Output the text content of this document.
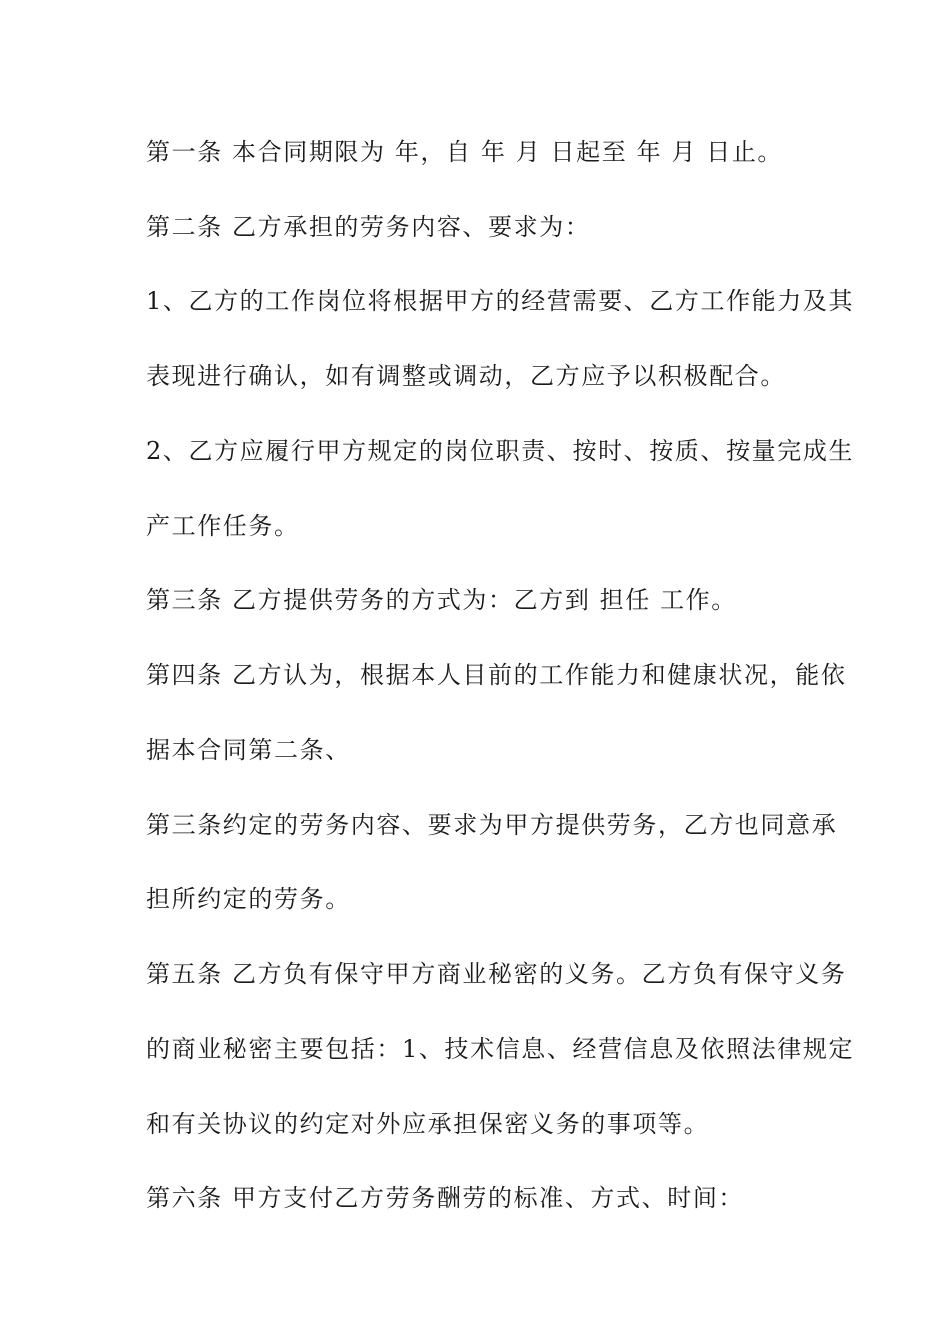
第一条 本合同期限为 年，自 年 月 日起至 年 月 日止。

第二条 乙方承担的劳务内容、要求为：

1、乙方的工作岗位将根据甲方的经营需要、乙方工作能力及其

表现进行确认，如有调整或调动，乙方应予以积极配合。

2、乙方应履行甲方规定的岗位职责、按时、按质、按量完成生

产工作任务。

第三条 乙方提供劳务的方式为：乙方到 担任 工作。

第四条 乙方认为，根据本人目前的工作能力和健康状况，能依

据本合同第二条、

第三条约定的劳务内容、要求为甲方提供劳务，乙方也同意承

担所约定的劳务。

第五条 乙方负有保守甲方商业秘密的义务。乙方负有保守义务

的商业秘密主要包括：1、技术信息、经营信息及依照法律规定

和有关协议的约定对外应承担保密义务的事项等。

第六条 甲方支付乙方劳务酬劳的标准、方式、时间：
